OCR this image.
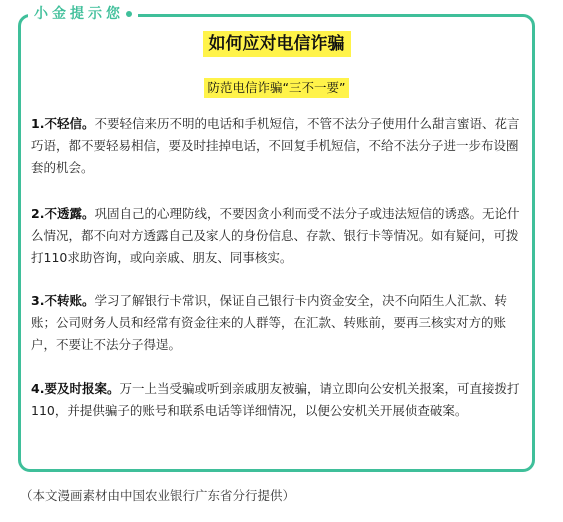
如何应对电信诈骗
防范电信诈骗“三不一要”

1.不轻信。不要轻信来历不明的电话和手机短信，不管不法分子使用什么甜言蜜语、花言巧语，都不要轻易相信，要及时挂掉电话，不回复手机短信，不给不法分子进一步布设圈套的机会。

2.不透露。巩固自己的心理防线，不要因贪小利而受不法分子或违法短信的诱惑。无论什么情况，都不向对方透露自己及家人的身份信息、存款、银行卡等情况。如有疑问，可拨打110求助咨询，或向亲戚、朋友、同事核实。

3.不转账。学习了解银行卡常识，保证自己银行卡内资金安全，决不向陌生人汇款、转账；公司财务人员和经常有资金往来的人群等，在汇款、转账前，要再三核实对方的账户，不要让不法分子得逞。

4.要及时报案。万一上当受骗或听到亲戚朋友被骗，请立即向公安机关报案，可直接拨打110，并提供骗子的账号和联系电话等详细情况，以便公安机关开展侦查破案。

小金提示您
（本文漫画素材由中国农业银行广东省分行提供）
